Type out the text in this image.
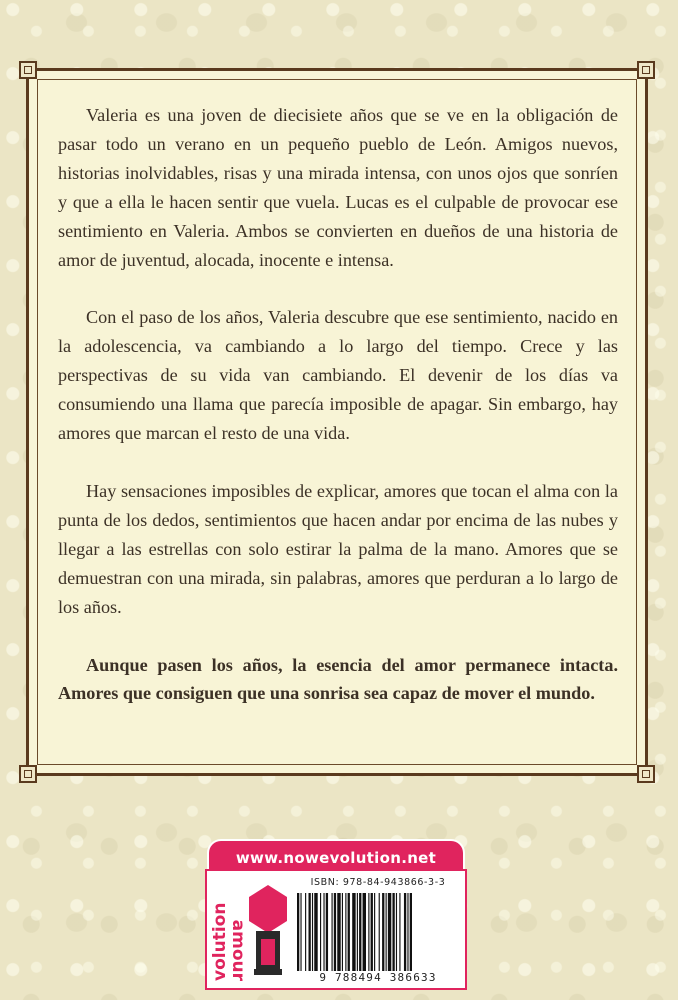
Valeria es una joven de diecisiete años que se ve en la obligación de pasar todo un verano en un pequeño pueblo de León. Amigos nuevos, historias inolvidables, risas y una mirada intensa, con unos ojos que sonríen y que a ella le hacen sentir que vuela. Lucas es el culpable de provocar ese sentimiento en Valeria. Ambos se convierten en dueños de una historia de amor de juventud, alocada, inocente e intensa.

Con el paso de los años, Valeria descubre que ese sentimiento, nacido en la adolescencia, va cambiando a lo largo del tiempo. Crece y las perspectivas de su vida van cambiando. El devenir de los días va consumiendo una llama que parecía imposible de apagar. Sin embargo, hay amores que marcan el resto de una vida.

Hay sensaciones imposibles de explicar, amores que tocan el alma con la punta de los dedos, sentimientos que hacen andar por encima de las nubes y llegar a las estrellas con solo estirar la palma de la mano. Amores que se demuestran con una mirada, sin palabras, amores que perduran a lo largo de los años.

Aunque pasen los años, la esencia del amor permanece intacta. Amores que consiguen que una sonrisa sea capaz de mover el mundo.

www.nowevolution.net
volution
amour
ISBN: 978-84-943866-3-3
9 788494 386633
